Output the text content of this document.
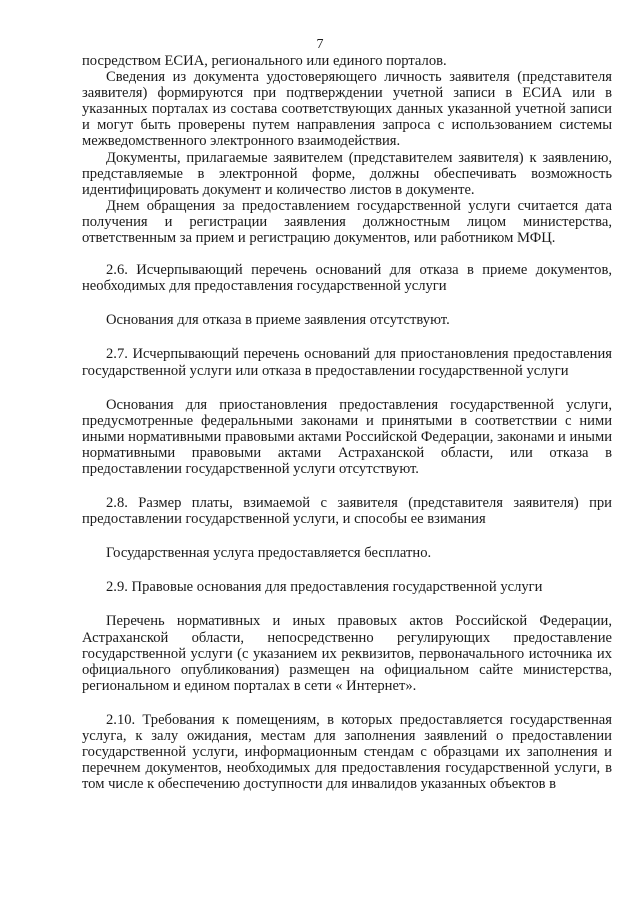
7

посредством ЕСИА, регионального или единого порталов.

Сведения из документа удостоверяющего личность заявителя (представителя заявителя) формируются при подтверждении учетной записи в ЕСИА или в указанных порталах из состава соответствующих данных указанной учетной записи и могут быть проверены путем направления запроса с использованием системы межведомственного электронного взаимодействия.

Документы, прилагаемые заявителем (представителем заявителя) к заявлению, представляемые в электронной форме, должны обеспечивать возможность идентифицировать документ и количество листов в документе.

Днем обращения за предоставлением государственной услуги считается дата получения и регистрации заявления должностным лицом министерства, ответственным за прием и регистрацию документов, или работником МФЦ.

2.6. Исчерпывающий перечень оснований для отказа в приеме документов, необходимых для предоставления государственной услуги

Основания для отказа в приеме заявления отсутствуют.

2.7. Исчерпывающий перечень оснований для приостановления предоставления государственной услуги или отказа в предоставлении государственной услуги

Основания для приостановления предоставления государственной услуги, предусмотренные федеральными законами и принятыми в соответствии с ними иными нормативными правовыми актами Российской Федерации, законами и иными нормативными правовыми актами Астраханской области, или отказа в предоставлении государственной услуги отсутствуют.

2.8. Размер платы, взимаемой с заявителя (представителя заявителя) при предоставлении государственной услуги, и способы ее взимания

Государственная услуга предоставляется бесплатно.

2.9. Правовые основания для предоставления государственной услуги

Перечень нормативных и иных правовых актов Российской Федерации, Астраханской области, непосредственно регулирующих предоставление государственной услуги (с указанием их реквизитов, первоначального источника их официального опубликования) размещен на официальном сайте министерства, региональном и едином порталах в сети « Интернет».

2.10. Требования к помещениям, в которых предоставляется государственная услуга, к залу ожидания, местам для заполнения заявлений о предоставлении государственной услуги, информационным стендам с образцами их заполнения и перечнем документов, необходимых для предоставления государственной услуги, в том числе к обеспечению доступности для инвалидов указанных объектов в
